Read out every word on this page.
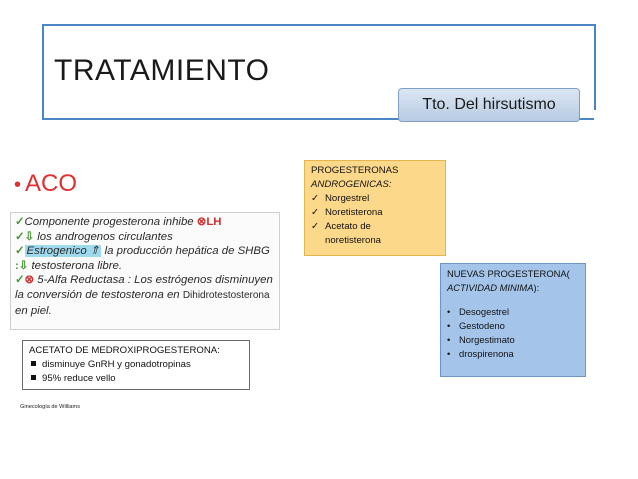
TRATAMIENTO
Tto. Del hirsutismo
• ACO
✓Componente progesterona inhibe ⊗LH
✓⇩ los androgenos circulantes
✓ Estrogenico ⇑ la producción hepática de SHBG
:⇩ testosterona libre.
✓⊗ 5-Alfa Reductasa : Los estrógenos disminuyen
la conversión de testosterona en Dihidrotestosterona
en piel.
ACETATO DE MEDROXIPROGESTERONA:
disminuye GnRH y gonadotropinas
95% reduce vello
Ginecología de Williams
PROGESTERONAS
ANDROGENICAS:
✓ Norgestrel
✓ Noretisterona
✓ Acetato de
noretisterona
NUEVAS PROGESTERONA(
ACTIVIDAD MINIMA):
• Desogestrel
• Gestodeno
• Norgestimato
• drospirenona
